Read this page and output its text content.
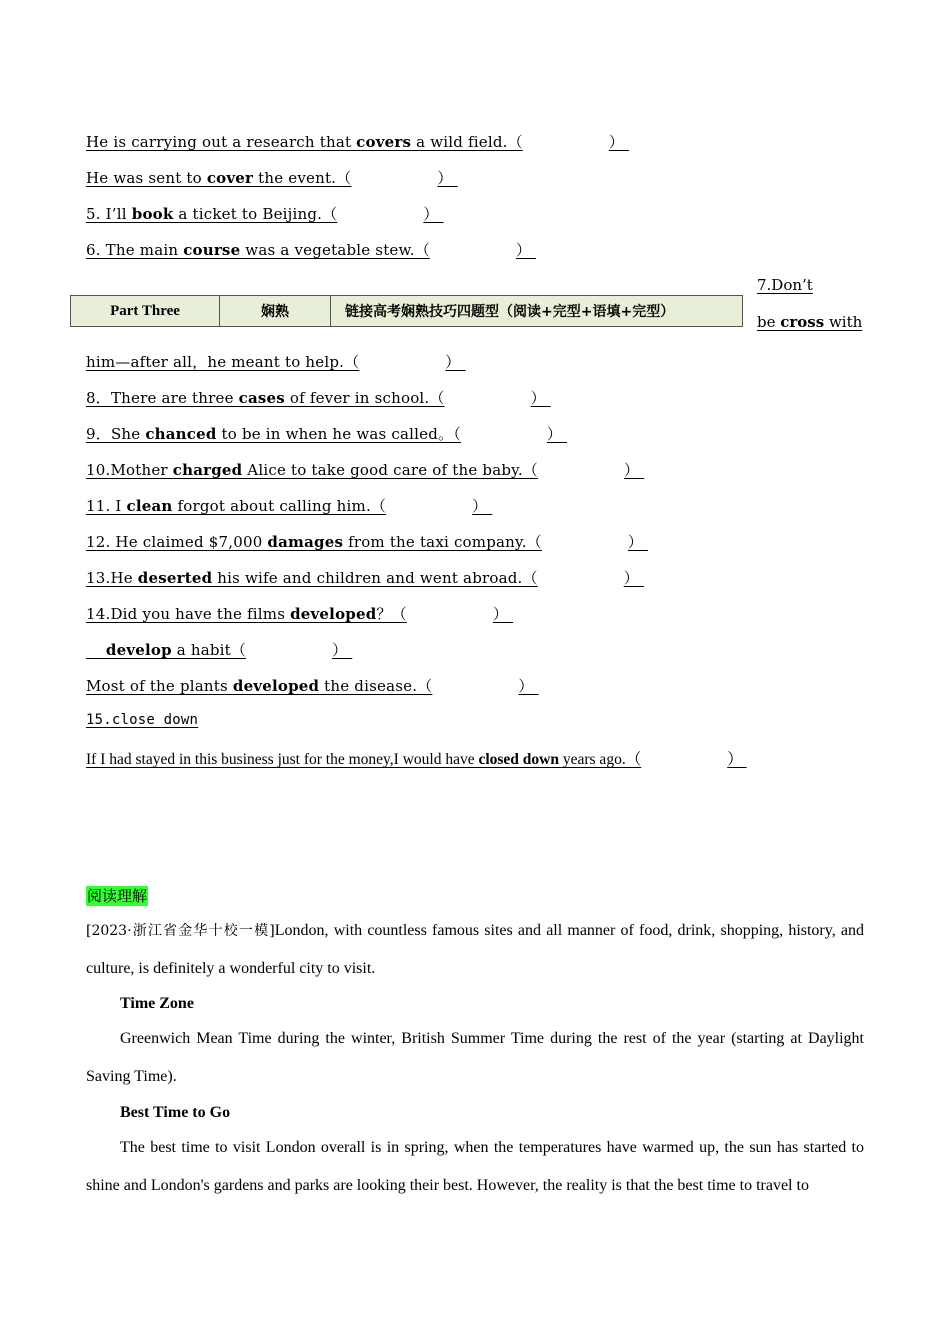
He is carrying out a research that covers a wild field.（	）
He was sent to cover the event.（	）
5. I’ll book a ticket to Beijing.（	）
6. The main course was a vegetable stew.（	）
Part Three	娴熟	链接高考娴熟技巧四题型（阅读+完型+语填+完型）
7.Don’t
be cross with
him—after all，he meant to help.（	）
8．There are three cases of fever in school.（	）
9．She chanced to be in when he was called。（	）
10.Mother charged Alice to take good care of the baby.（	）
11. I clean forgot about calling him.（	）
12. He claimed $7,000 damages from the taxi company.（	）
13.He deserted his wife and children and went abroad.（	）
14.Did you have the films developed？（	）
develop a habit（	）
Most of the plants developed the disease.（	）
15.close down
If I had stayed in this business just for the money,I would have closed down years ago.（	）
阅读理解
[2023·浙江省金华十校一模]London, with countless famous sites and all manner of food, drink, shopping, history, and culture, is definitely a wonderful city to visit.
Time Zone
Greenwich Mean Time during the winter, British Summer Time during the rest of the year (starting at Daylight Saving Time).
Best Time to Go
The best time to visit London overall is in spring, when the temperatures have warmed up, the sun has started to shine and London's gardens and parks are looking their best. However, the reality is that the best time to travel to
